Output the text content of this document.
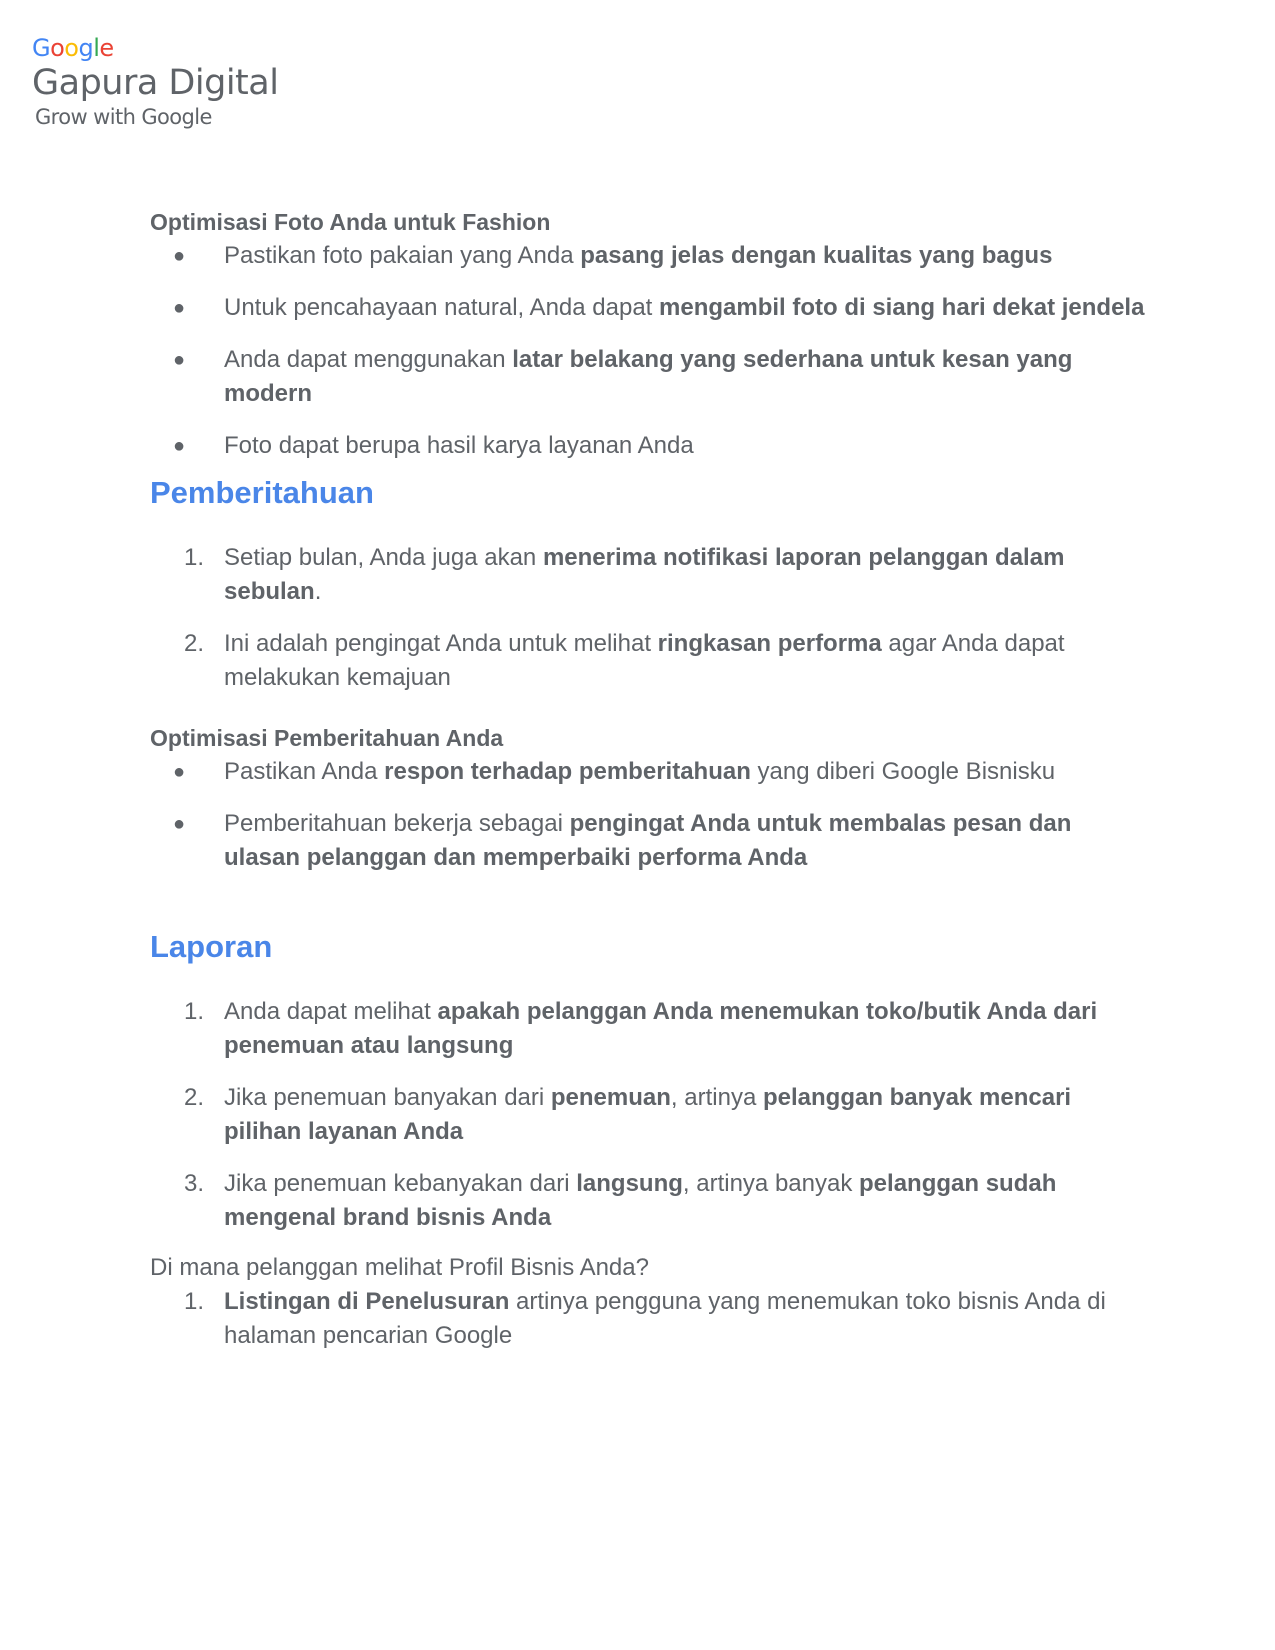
Google
Gapura Digital
Grow with Google

Optimisasi Foto Anda untuk Fashion

●	Pastikan foto pakaian yang Anda pasang jelas dengan kualitas yang bagus
●	Untuk pencahayaan natural, Anda dapat mengambil foto di siang hari dekat jendela
●	Anda dapat menggunakan latar belakang yang sederhana untuk kesan yang modern
●	Foto dapat berupa hasil karya layanan Anda
Pemberitahuan
1. Setiap bulan, Anda juga akan menerima notifikasi laporan pelanggan dalam sebulan.
2. Ini adalah pengingat Anda untuk melihat ringkasan performa agar Anda dapat melakukan kemajuan

Optimisasi Pemberitahuan Anda

●	Pastikan Anda respon terhadap pemberitahuan yang diberi Google Bisnisku
●	Pemberitahuan bekerja sebagai pengingat Anda untuk membalas pesan dan ulasan pelanggan dan memperbaiki performa Anda
Laporan
1. Anda dapat melihat apakah pelanggan Anda menemukan toko/butik Anda dari penemuan atau langsung
2. Jika penemuan banyakan dari penemuan, artinya pelanggan banyak mencari pilihan layanan Anda
3. Jika penemuan kebanyakan dari langsung, artinya banyak pelanggan sudah mengenal brand bisnis Anda

Di mana pelanggan melihat Profil Bisnis Anda?

1. Listingan di Penelusuran artinya pengguna yang menemukan toko bisnis Anda di halaman pencarian Google
